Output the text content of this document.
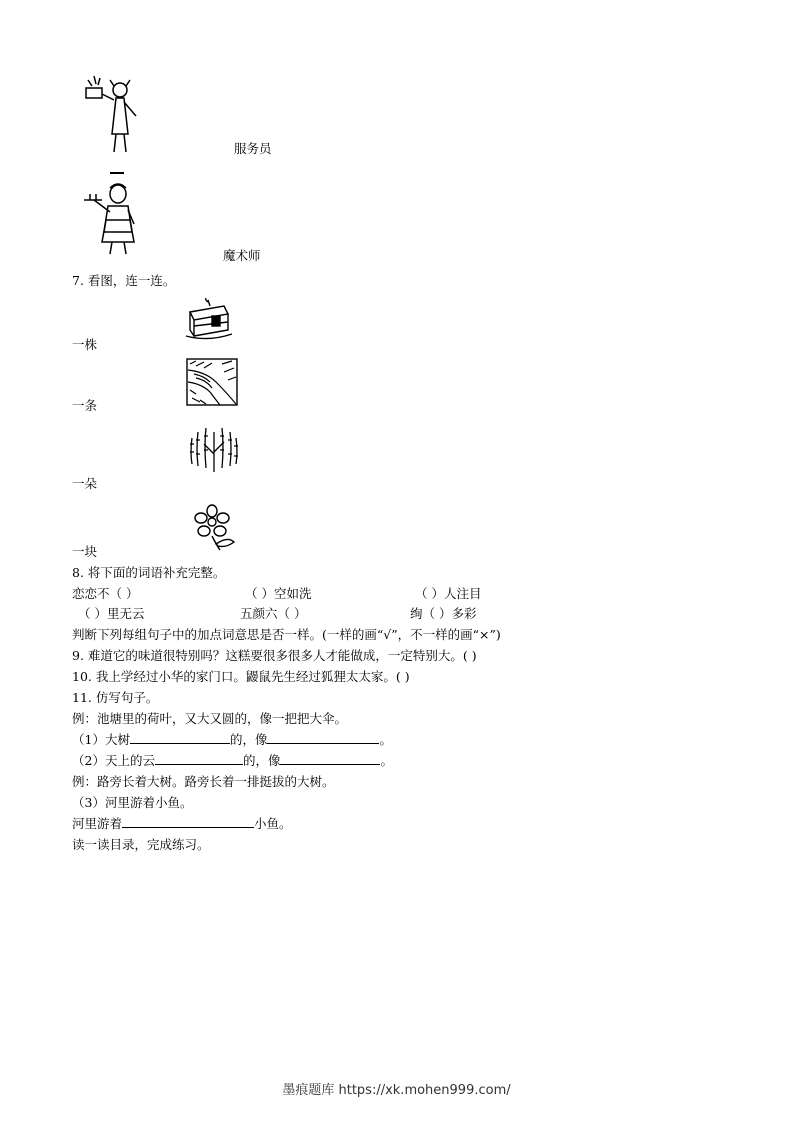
服务员
魔术师
7. 看图，连一连。
一株
一条
一朵
一块
8. 将下面的词语补充完整。
恋恋不（ ）	（ ）空如洗	（ ）人注目
（ ）里无云	五颜六（ ）	绚（ ）多彩
判断下列每组句子中的加点词意思是否一样。(一样的画“√”，不一样的画“×”)
9. 难道它的味道很特别吗？这糕要很多很多人才能做成，一定特别大。( )
10. 我上学经过小华的家门口。鼹鼠先生经过狐狸太太家。( )
11. 仿写句子。
例：池塘里的荷叶，又大又圆的，像一把把大伞。
（1）大树	的，像	。
（2）天上的云	的，像	。
例：路旁长着大树。路旁长着一排挺拔的大树。
（3）河里游着小鱼。
河里游着	小鱼。
读一读目录，完成练习。
墨痕题库 https://xk.mohen999.com/
